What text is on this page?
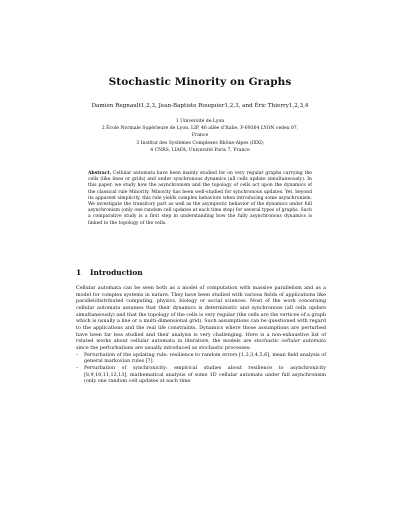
Stochastic Minority on Graphs
Damien Regnault1,2,3, Jean-Baptiste Rouquier1,2,3, and Éric Thierry1,2,3,4
1 Université de Lyon
2 École Normale Supérieure de Lyon, LIP, 46 allée d’Italie, F-69364 LYON cedex 07,
France
3 Institut des Systèmes Complexes Rhône-Alpes (IXXI)
4 CNRS, LIAFA, Université Paris 7, France
Abstract. Cellular automata have been mainly studied for on very regular graphs carrying the cells (like lines or grids) and under synchronous dynamics (all cells update simultaneously). In this paper, we study how the asynchronism and the topology of cells act upon the dynamics of the classical rule Minority. Minority has been well-studied for synchronous updates. Yet, beyond its apparent simplicity, this rule yields complex behaviors when introducing some asynchronism. We investigate the transitory part as well as the asymptotic behavior of the dynamics under full asynchronism (only one random cell updates at each time step) for several types of graphs. Such a comparative study is a first step in understanding how the fully asynchronous dynamics is linked to the topology of the cells.
1 Introduction

Cellular automata can be seen both as a model of computation with massive parallelism and as a model for complex systems in nature. They have been studied with various fields of applications like parallel/distributed computing, physics, biology or social sciences. Most of the work concerning cellular automata assumes that their dynamics is deterministic and synchronous (all cells update simultaneously) and that the topology of the cells is very regular (the cells are the vertices of a graph which is usually a line or a multi-dimensional grid). Such assumptions can be questioned with regard to the applications and the real life constraints. Dynamics where those assumptions are perturbed have been far less studied and their analysis is very challenging. Here is a non-exhaustive list of related works about cellular automata in literature, the models are stochastic cellular automata since the perturbations are usually introduced as stochastic processes:

– Perturbation of the updating rule: resilience to random errors [1,2,3,4,5,6], mean field analysis of general markovian rules [7].
– Perturbation of synchronicity: empirical studies about resilience to asynchronicity [8,9,10,11,12,13], mathematical analysis of some 1D cellular automata under full asynchronism (only one random cell updates at each time
